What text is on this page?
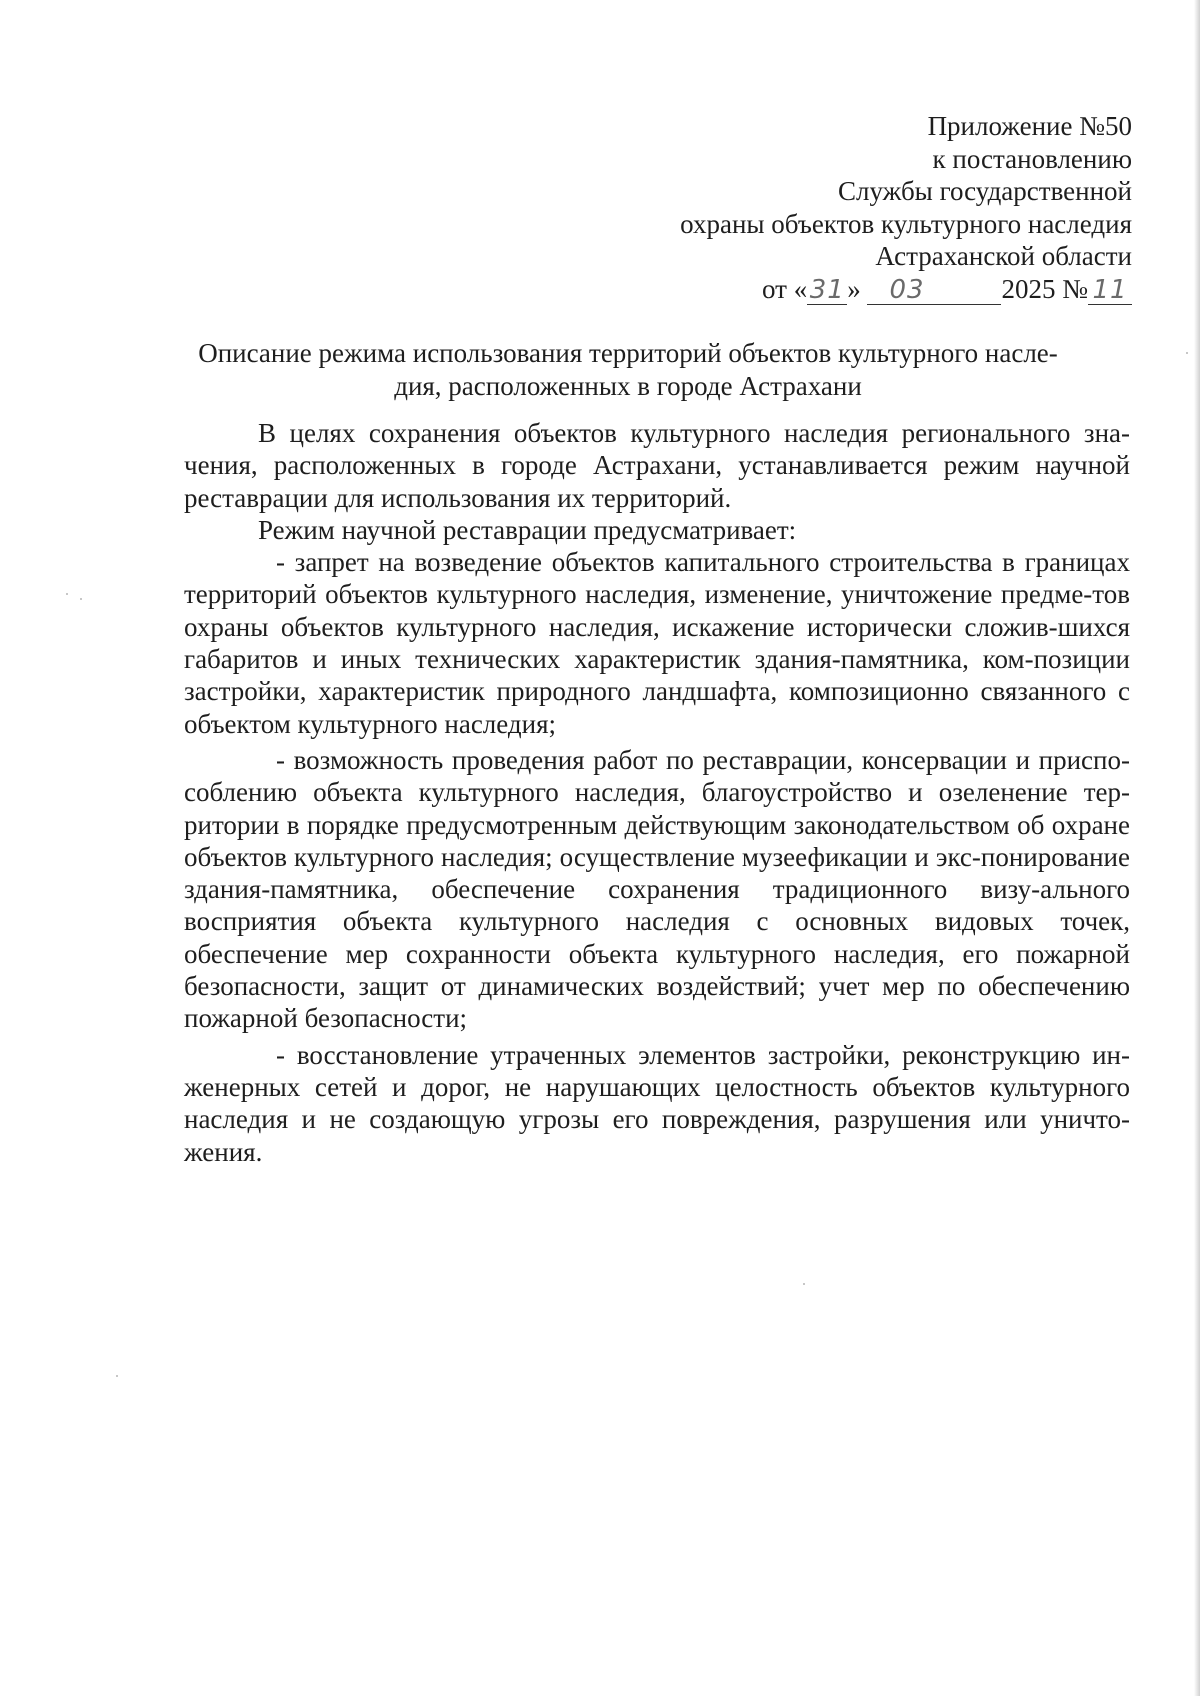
Приложение №50
к постановлению
Службы государственной
охраны объектов культурного наследия
Астраханской области
от «31» 03	2025 № 11
Описание режима использования территорий объектов культурного насле-дия, расположенных в городе Астрахани

В целях сохранения объектов культурного наследия регионального зна-чения, расположенных в городе Астрахани, устанавливается режим научной реставрации для использования их территорий.

Режим научной реставрации предусматривает:

- запрет на возведение объектов капитального строительства в границах территорий объектов культурного наследия, изменение, уничтожение предме-тов охраны объектов культурного наследия, искажение исторически сложив-шихся габаритов и иных технических характеристик здания-памятника, ком-позиции застройки, характеристик природного ландшафта, композиционно связанного с объектом культурного наследия;

- возможность проведения работ по реставрации, консервации и приспо-соблению объекта культурного наследия, благоустройство и озеленение тер-ритории в порядке предусмотренным действующим законодательством об охране объектов культурного наследия; осуществление музеефикации и экс-понирование здания-памятника, обеспечение сохранения традиционного визу-ального восприятия объекта культурного наследия с основных видовых точек, обеспечение мер сохранности объекта культурного наследия, его пожарной безопасности, защит от динамических воздействий; учет мер по обеспечению пожарной безопасности;

- восстановление утраченных элементов застройки, реконструкцию ин-женерных сетей и дорог, не нарушающих целостность объектов культурного наследия и не создающую угрозы его повреждения, разрушения или уничто-жения.
